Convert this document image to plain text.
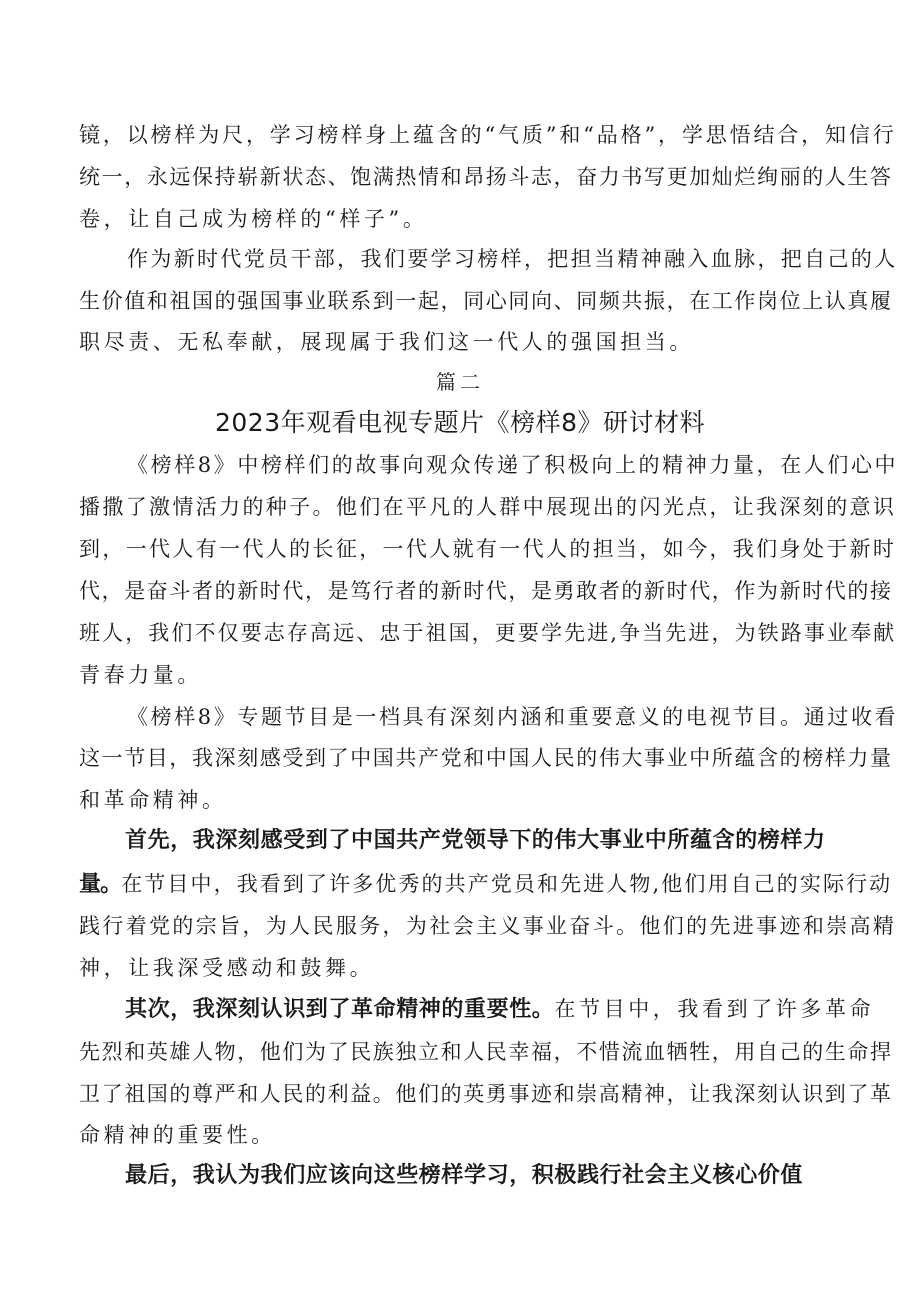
镜，以榜样为尺，学习榜样身上蕴含的“气质”和“品格”，学思悟结合，知信行
统一，永远保持崭新状态、饱满热情和昂扬斗志，奋力书写更加灿烂绚丽的人生答
卷，让自己成为榜样的“样子”。
作为新时代党员干部，我们要学习榜样，把担当精神融入血脉，把自己的人
生价值和祖国的强国事业联系到一起，同心同向、同频共振，在工作岗位上认真履
职尽责、无私奉献，展现属于我们这一代人的强国担当。
篇二
2023年观看电视专题片《榜样8》研讨材料
《榜样8》中榜样们的故事向观众传递了积极向上的精神力量，在人们心中
播撒了激情活力的种子。他们在平凡的人群中展现出的闪光点，让我深刻的意识
到，一代人有一代人的长征，一代人就有一代人的担当，如今，我们身处于新时
代，是奋斗者的新时代，是笃行者的新时代，是勇敢者的新时代，作为新时代的接
班人，我们不仅要志存高远、忠于祖国，更要学先进,争当先进，为铁路事业奉献
青春力量。
《榜样8》专题节目是一档具有深刻内涵和重要意义的电视节目。通过收看
这一节目，我深刻感受到了中国共产党和中国人民的伟大事业中所蕴含的榜样力量
和革命精神。
首先，我深刻感受到了中国共产党领导下的伟大事业中所蕴含的榜样力
量。在节目中，我看到了许多优秀的共产党员和先进人物,他们用自己的实际行动
践行着党的宗旨，为人民服务，为社会主义事业奋斗。他们的先进事迹和崇高精
神，让我深受感动和鼓舞。
其次，我深刻认识到了革命精神的重要性。在节目中，我看到了许多革命
先烈和英雄人物，他们为了民族独立和人民幸福，不惜流血牺牲，用自己的生命捍
卫了祖国的尊严和人民的利益。他们的英勇事迹和崇高精神，让我深刻认识到了革
命精神的重要性。
最后，我认为我们应该向这些榜样学习，积极践行社会主义核心价值
